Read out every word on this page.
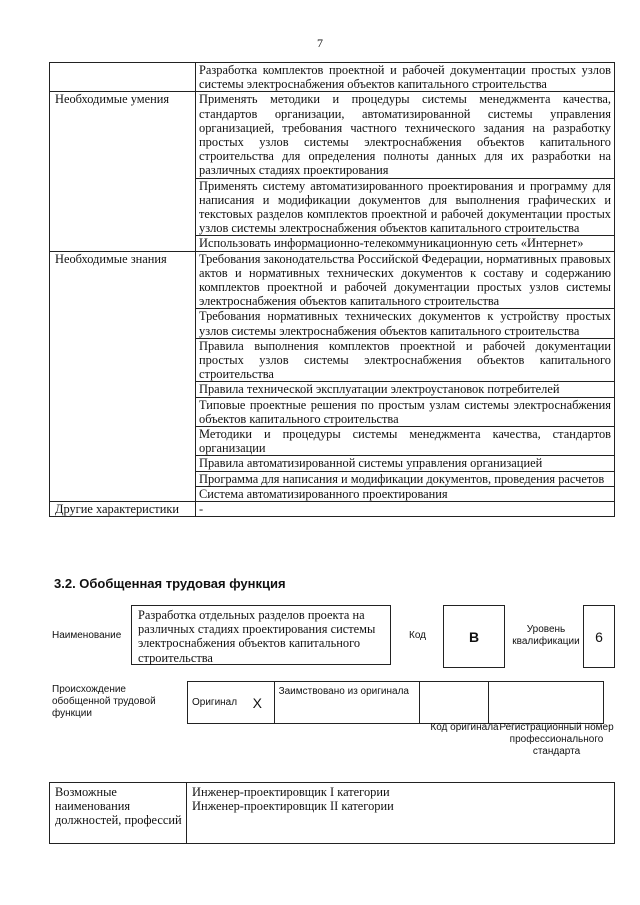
7
	Разработка комплектов проектной и рабочей документации простых узлов системы электроснабжения объектов капитального строительства
Необходимые умения	Применять методики и процедуры системы менеджмента качества, стандартов организации, автоматизированной системы управления организацией, требования частного технического задания на разработку простых узлов системы электроснабжения объектов капитального строительства для определения полноты данных для их разработки на различных стадиях проектирования
	Применять систему автоматизированного проектирования и программу для написания и модификации документов для выполнения графических и текстовых разделов комплектов проектной и рабочей документации простых узлов системы электроснабжения объектов капитального строительства
	Использовать информационно-телекоммуникационную сеть «Интернет»
Необходимые знания	Требования законодательства Российской Федерации, нормативных правовых актов и нормативных технических документов к составу и содержанию комплектов проектной и рабочей документации простых узлов системы электроснабжения объектов капитального строительства
	Требования нормативных технических документов к устройству простых узлов системы электроснабжения объектов капитального строительства
	Правила выполнения комплектов проектной и рабочей документации простых узлов системы электроснабжения объектов капитального строительства
	Правила технической эксплуатации электроустановок потребителей
	Типовые проектные решения по простым узлам системы электроснабжения объектов капитального строительства
	Методики и процедуры системы менеджмента качества, стандартов организации
	Правила автоматизированной системы управления организацией
	Программа для написания и модификации документов, проведения расчетов
	Система автоматизированного проектирования
Другие характеристики	-
3.2. Обобщенная трудовая функция
Наименование
Разработка отдельных разделов проекта на различных стадиях проектирования системы электроснабжения объектов капитального строительства
Код	B	Уровень квалификации	6
Происхождение обобщенной трудовой функции
Оригинал	X	Заимствовано из оригинала		
Код оригинала Регистрационный номер профессионального стандарта
Возможные наименования должностей, профессий	
Инженер-проектировщик I категории
Инженер-проектировщик II категории
